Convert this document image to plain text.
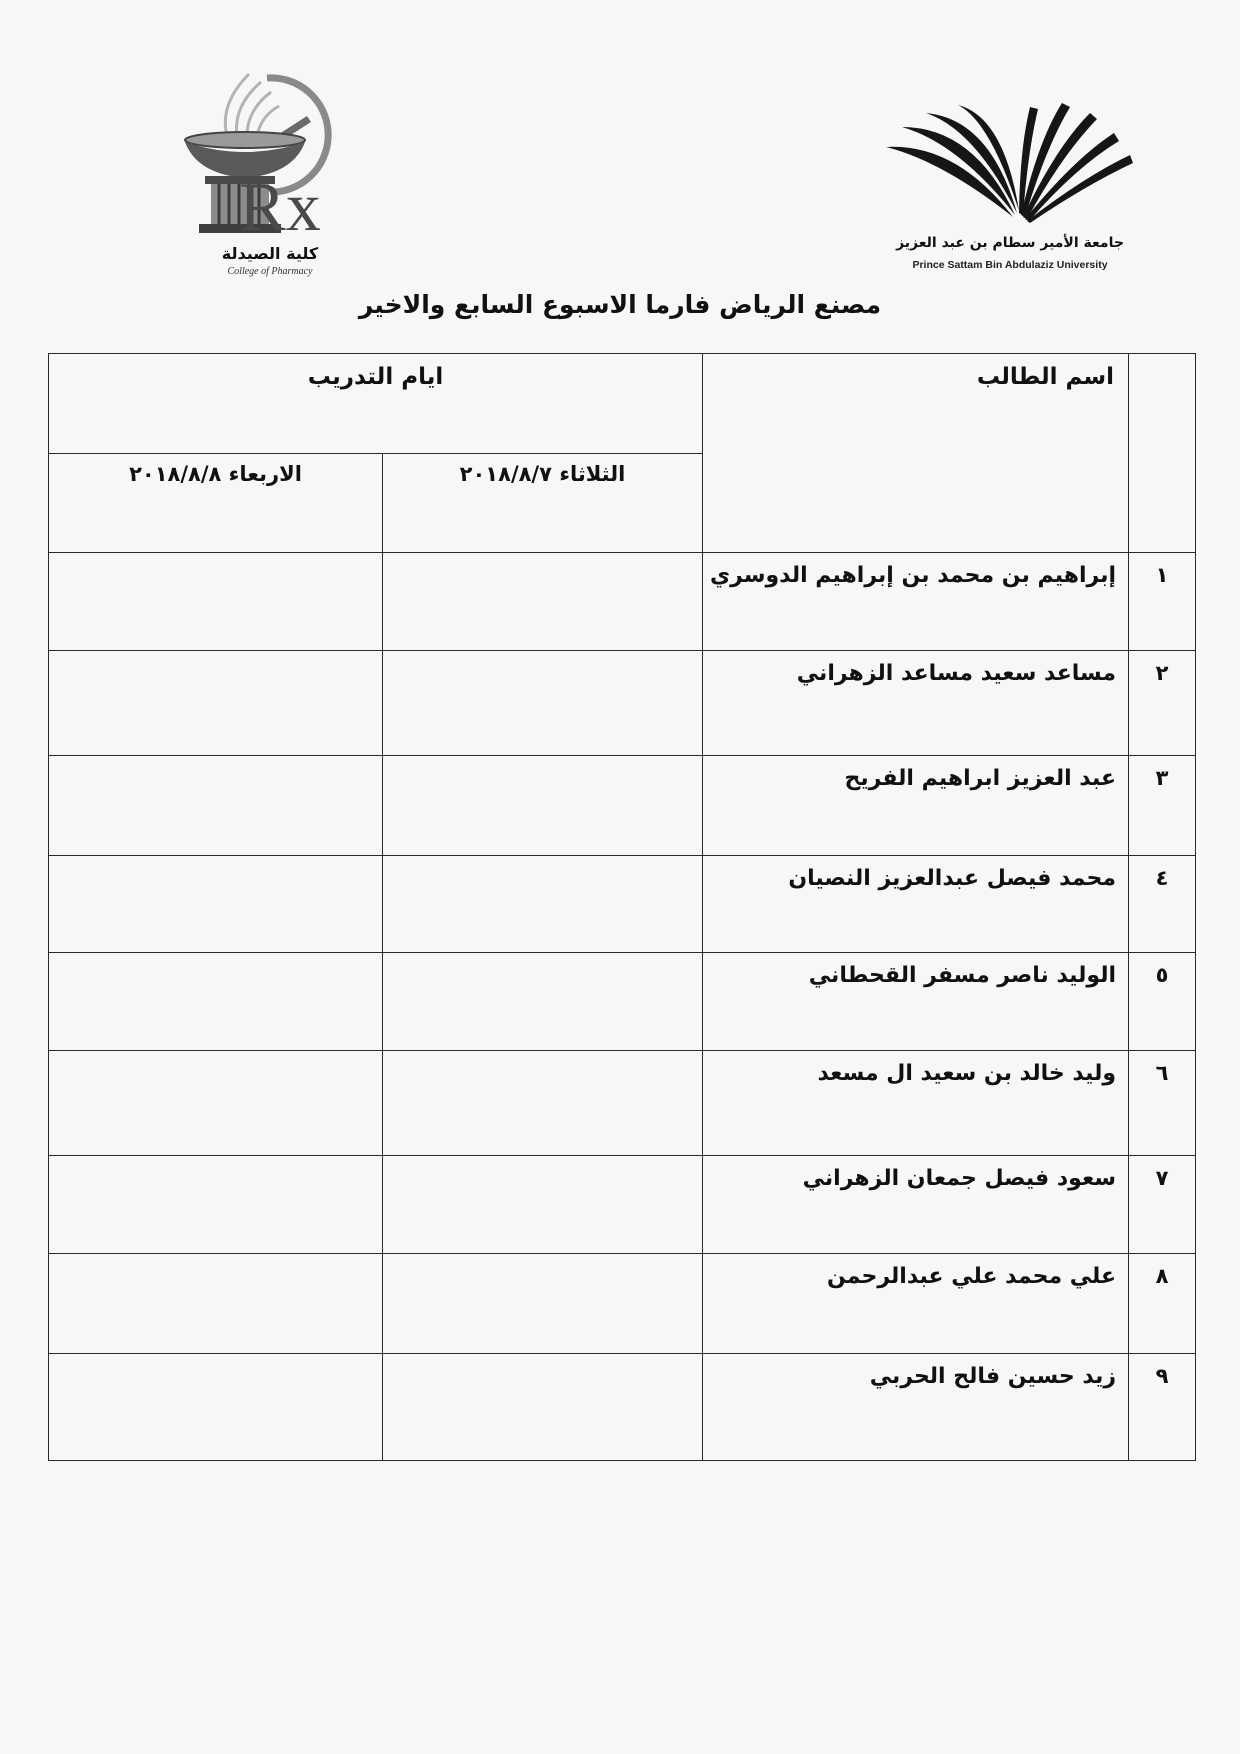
جامعة الأمير سطام بن عبد العزيز
Prince Sattam Bin Abdulaziz University
Rx
كلية الصيدلة
College of Pharmacy
مصنع الرياض فارما الاسبوع السابع والاخير
	اسم الطالب	ايام التدريب	
		الثلاثاء ٢٠١٨/٨/٧	الاربعاء ٢٠١٨/٨/٨
١	إبراهيم بن محمد بن إبراهيم الدوسري		
٢	مساعد سعيد مساعد الزهراني		
٣	عبد العزيز ابراهيم الفريح		
٤	محمد فيصل عبدالعزيز النصيان		
٥	الوليد ناصر مسفر القحطاني		
٦	وليد خالد بن سعيد ال مسعد		
٧	سعود فيصل جمعان الزهراني		
٨	علي محمد علي عبدالرحمن		
٩	زيد حسين فالح الحربي		
